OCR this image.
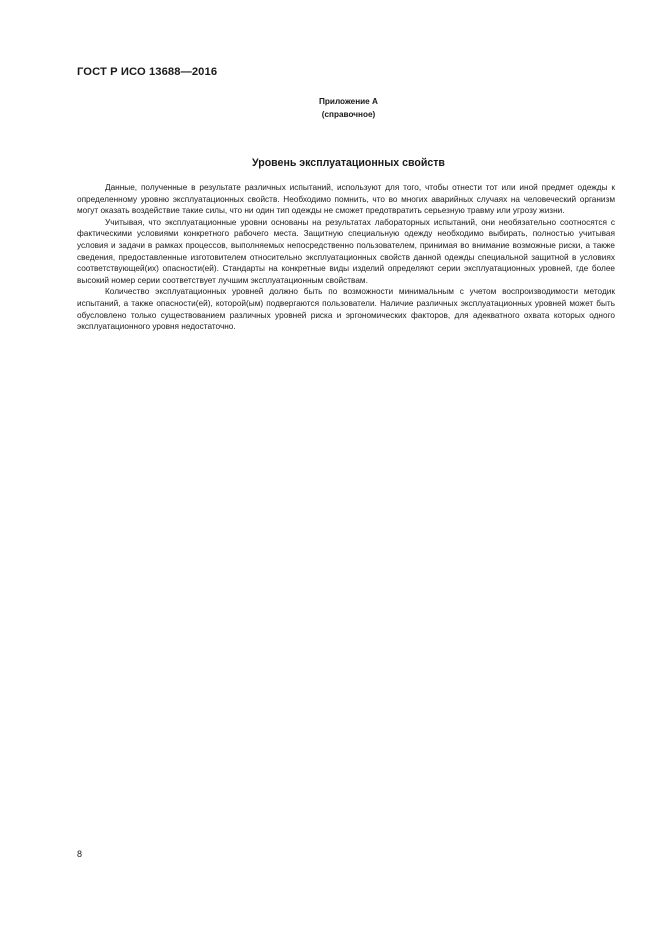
ГОСТ Р ИСО 13688—2016
Приложение А
(справочное)
Уровень эксплуатационных свойств

Данные, полученные в результате различных испытаний, используют для того, чтобы отнести тот или иной предмет одежды к определенному уровню эксплуатационных свойств. Необходимо помнить, что во многих аварийных случаях на человеческий организм могут оказать воздействие такие силы, что ни один тип одежды не сможет предотвратить серьезную травму или угрозу жизни.

Учитывая, что эксплуатационные уровни основаны на результатах лабораторных испытаний, они необязательно соотносятся с фактическими условиями конкретного рабочего места. Защитную специальную одежду необходимо выбирать, полностью учитывая условия и задачи в рамках процессов, выполняемых непосредственно пользователем, принимая во внимание возможные риски, а также сведения, предоставленные изготовителем относительно эксплуатационных свойств данной одежды специальной защитной в условиях соответствующей(их) опасности(ей). Стандарты на конкретные виды изделий определяют серии эксплуатационных уровней, где более высокий номер серии соответствует лучшим эксплуатационным свойствам.

Количество эксплуатационных уровней должно быть по возможности минимальным с учетом воспроизводимости методик испытаний, а также опасности(ей), которой(ым) подвергаются пользователи. Наличие различных эксплуатационных уровней может быть обусловлено только существованием различных уровней риска и эргономических факторов, для адекватного охвата которых одного эксплуатационного уровня недостаточно.

8
